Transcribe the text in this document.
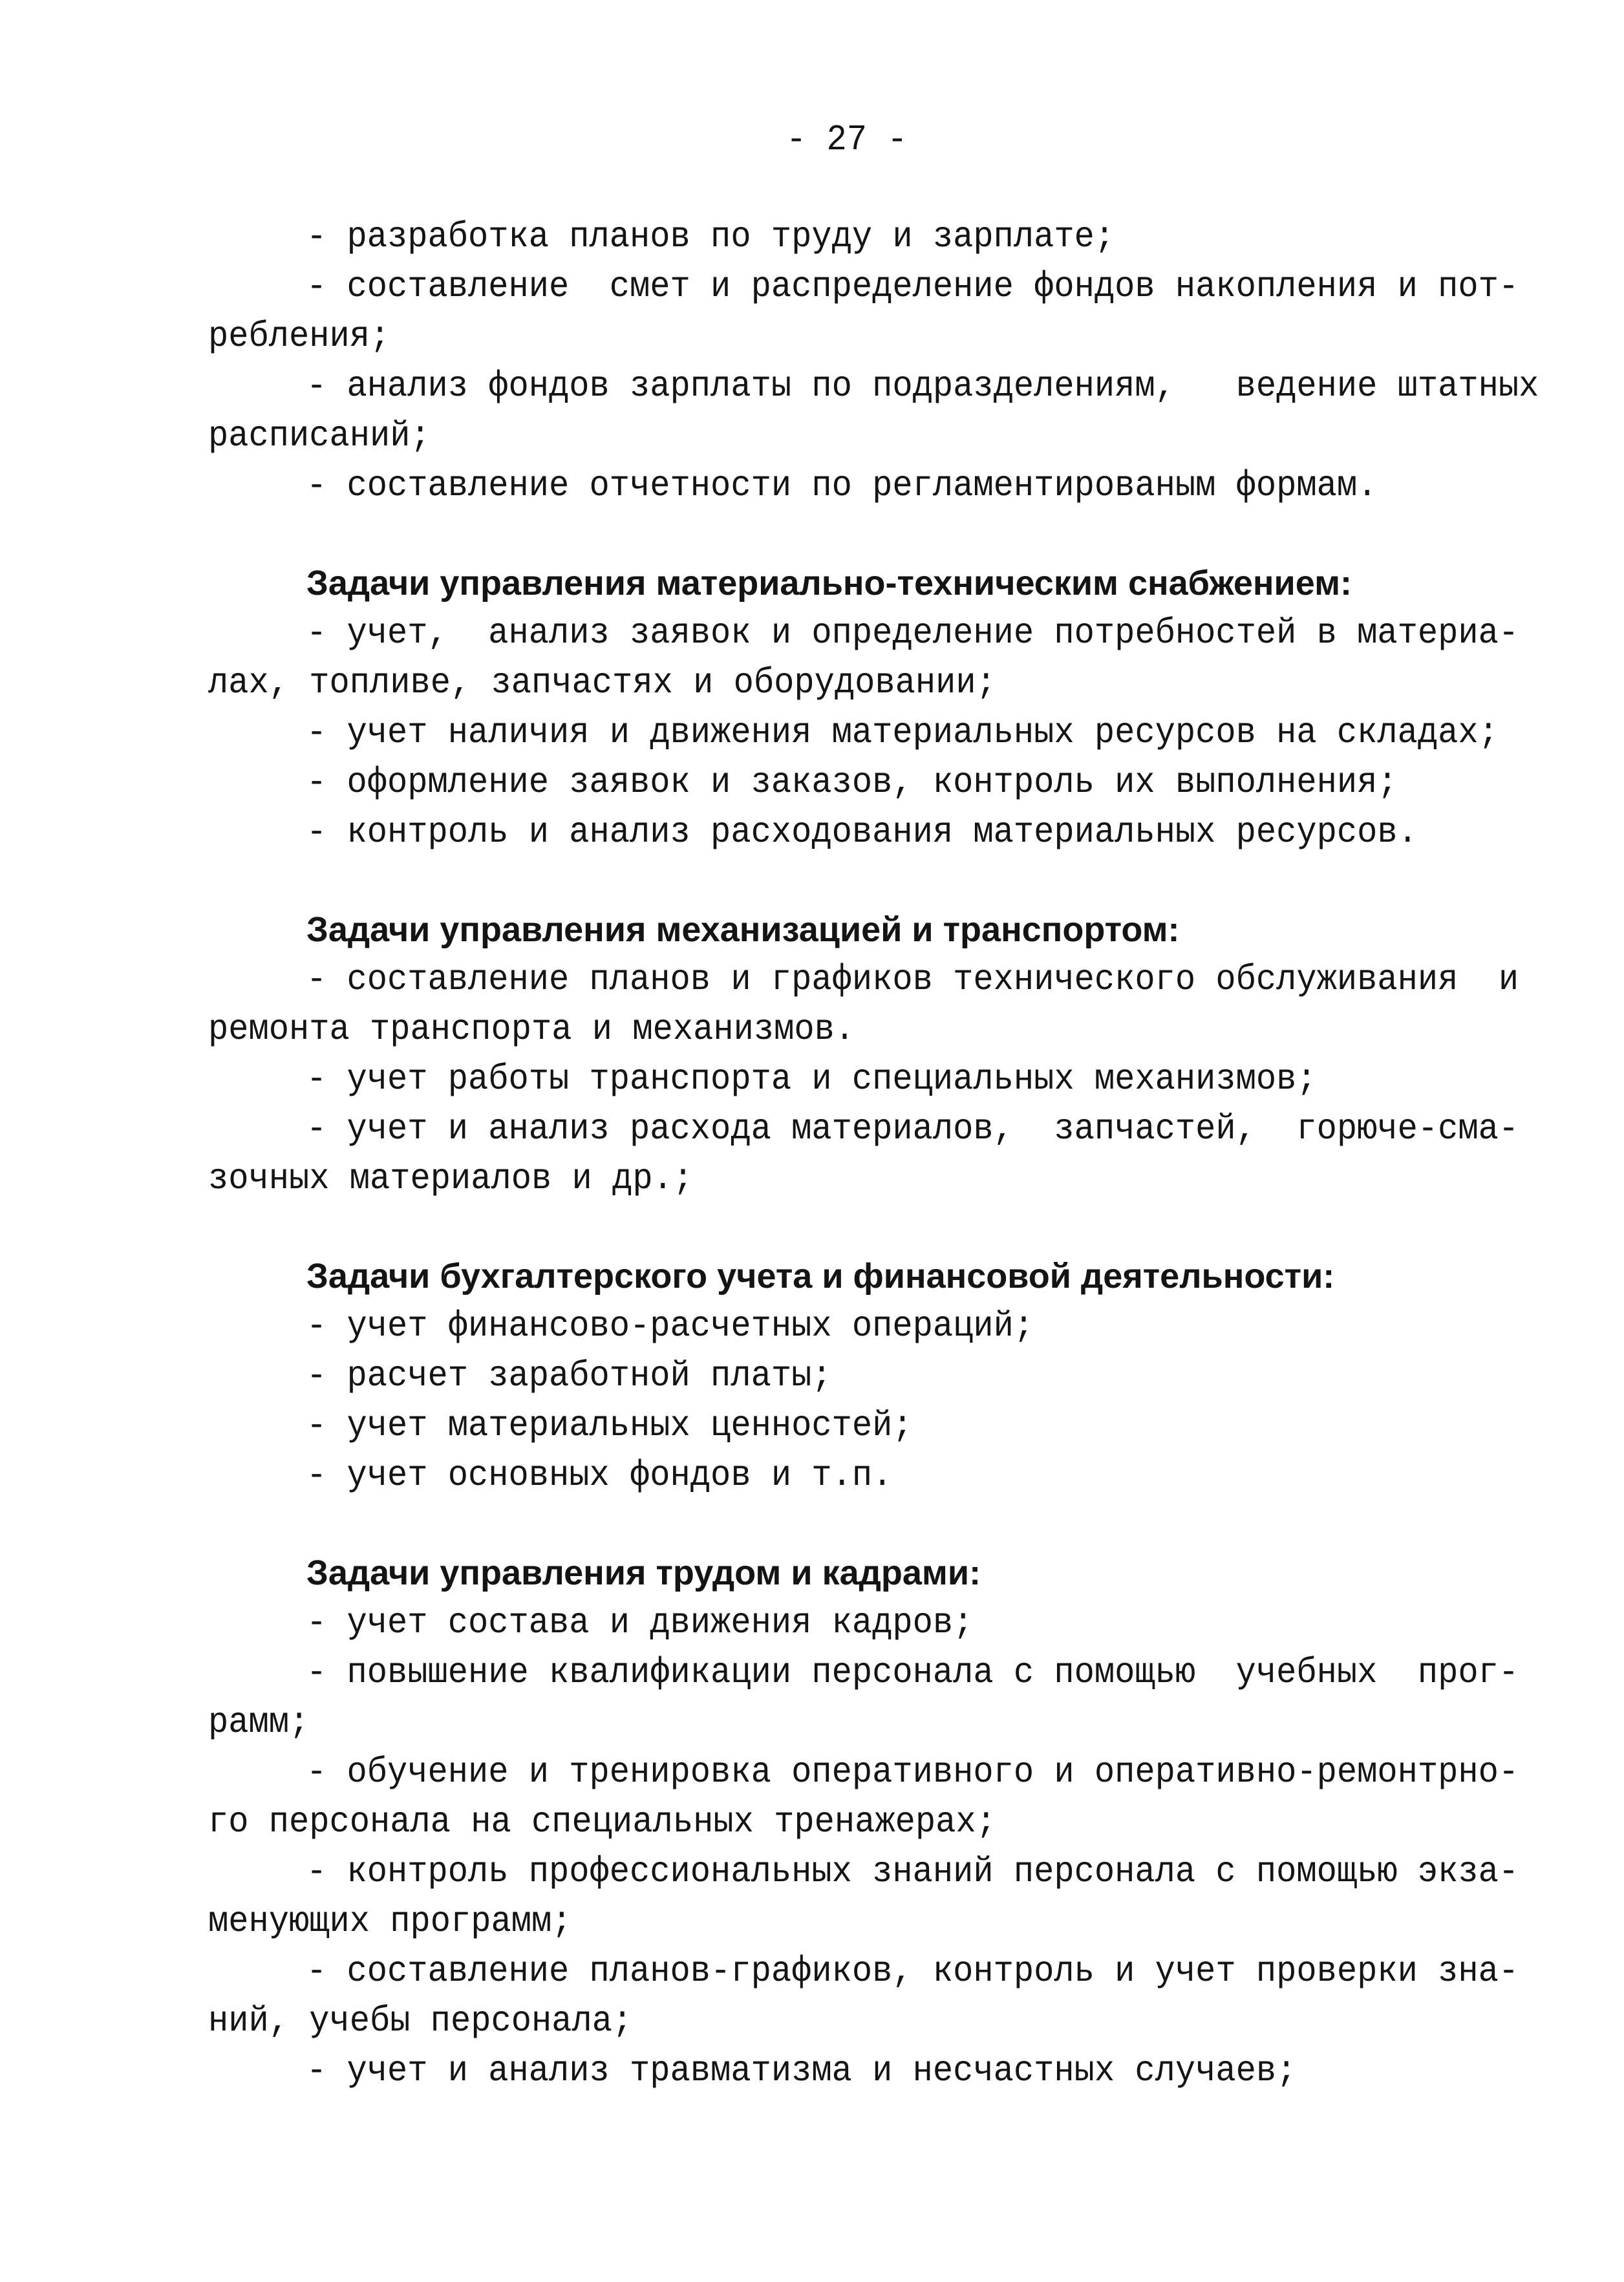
- 27 -
- разработка планов по труду и зарплате;
- составление  смет и распределение фондов накопления и пот-
ребления;
- анализ фондов зарплаты по подразделениям,   ведение штатных
расписаний;
- составление отчетности по регламентированым формам.
Задачи управления материально-техническим снабжением:
- учет,  анализ заявок и определение потребностей в материа-
лах, топливе, запчастях и оборудовании;
- учет наличия и движения материальных ресурсов на складах;
- оформление заявок и заказов, контроль их выполнения;
- контроль и анализ расходования материальных ресурсов.
Задачи управления механизацией и транспортом:
- составление планов и графиков технического обслуживания  и
ремонта транспорта и механизмов.
- учет работы транспорта и специальных механизмов;
- учет и анализ расхода материалов,  запчастей,  горюче-сма-
зочных материалов и др.;
Задачи бухгалтерского учета и финансовой деятельности:
- учет финансово-расчетных операций;
- расчет заработной платы;
- учет материальных ценностей;
- учет основных фондов и т.п.
Задачи управления трудом и кадрами:
- учет состава и движения кадров;
- повышение квалификации персонала с помощью  учебных  прог-
рамм;
- обучение и тренировка оперативного и оперативно-ремонтрно-
го персонала на специальных тренажерах;
- контроль профессиональных знаний персонала с помощью экза-
менующих программ;
- составление планов-графиков, контроль и учет проверки зна-
ний, учебы персонала;
- учет и анализ травматизма и несчастных случаев;
